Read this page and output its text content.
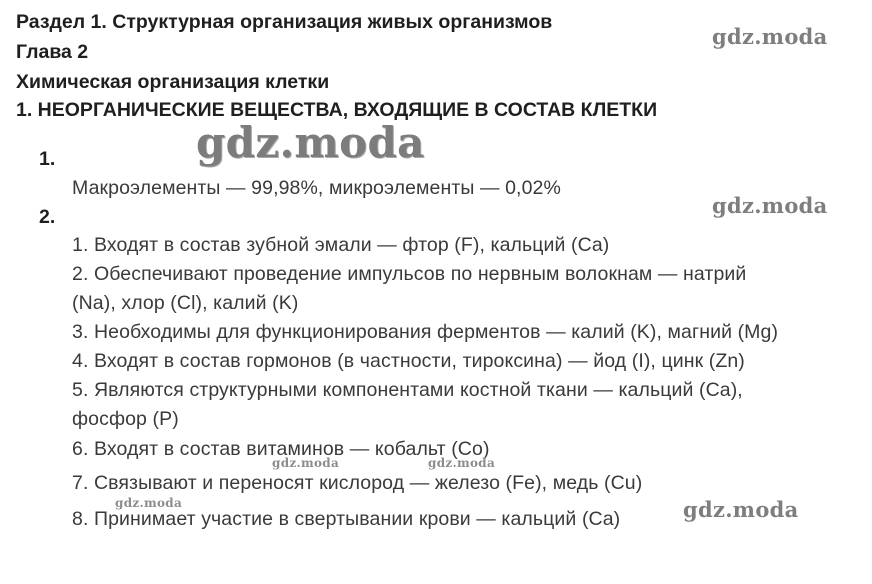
Раздел 1. Структурная организация живых организмов
Глава 2
Химическая организация клетки
1. НЕОРГАНИЧЕСКИЕ ВЕЩЕСТВА, ВХОДЯЩИЕ В СОСТАВ КЛЕТКИ
1.
Макроэлементы — 99,98%, микроэлементы — 0,02%
2.
1. Входят в состав зубной эмали — фтор (F), кальций (Ca)
2. Обеспечивают проведение импульсов по нервным волокнам — натрий
(Na), хлор (Cl), калий (K)
3. Необходимы для функционирования ферментов — калий (K), магний (Mg)
4. Входят в состав гормонов (в частности, тироксина) — йод (I), цинк (Zn)
5. Являются структурными компонентами костной ткани — кальций (Ca),
фосфор (P)
6. Входят в состав витаминов — кобальт (Co)
7. Связывают и переносят кислород — железо (Fe), медь (Cu)
8. Принимает участие в свертывании крови — кальций (Ca)
gdz.moda
gdz.moda
gdz.moda
gdz.moda	gdz.moda
gdz.moda	gdz.moda
